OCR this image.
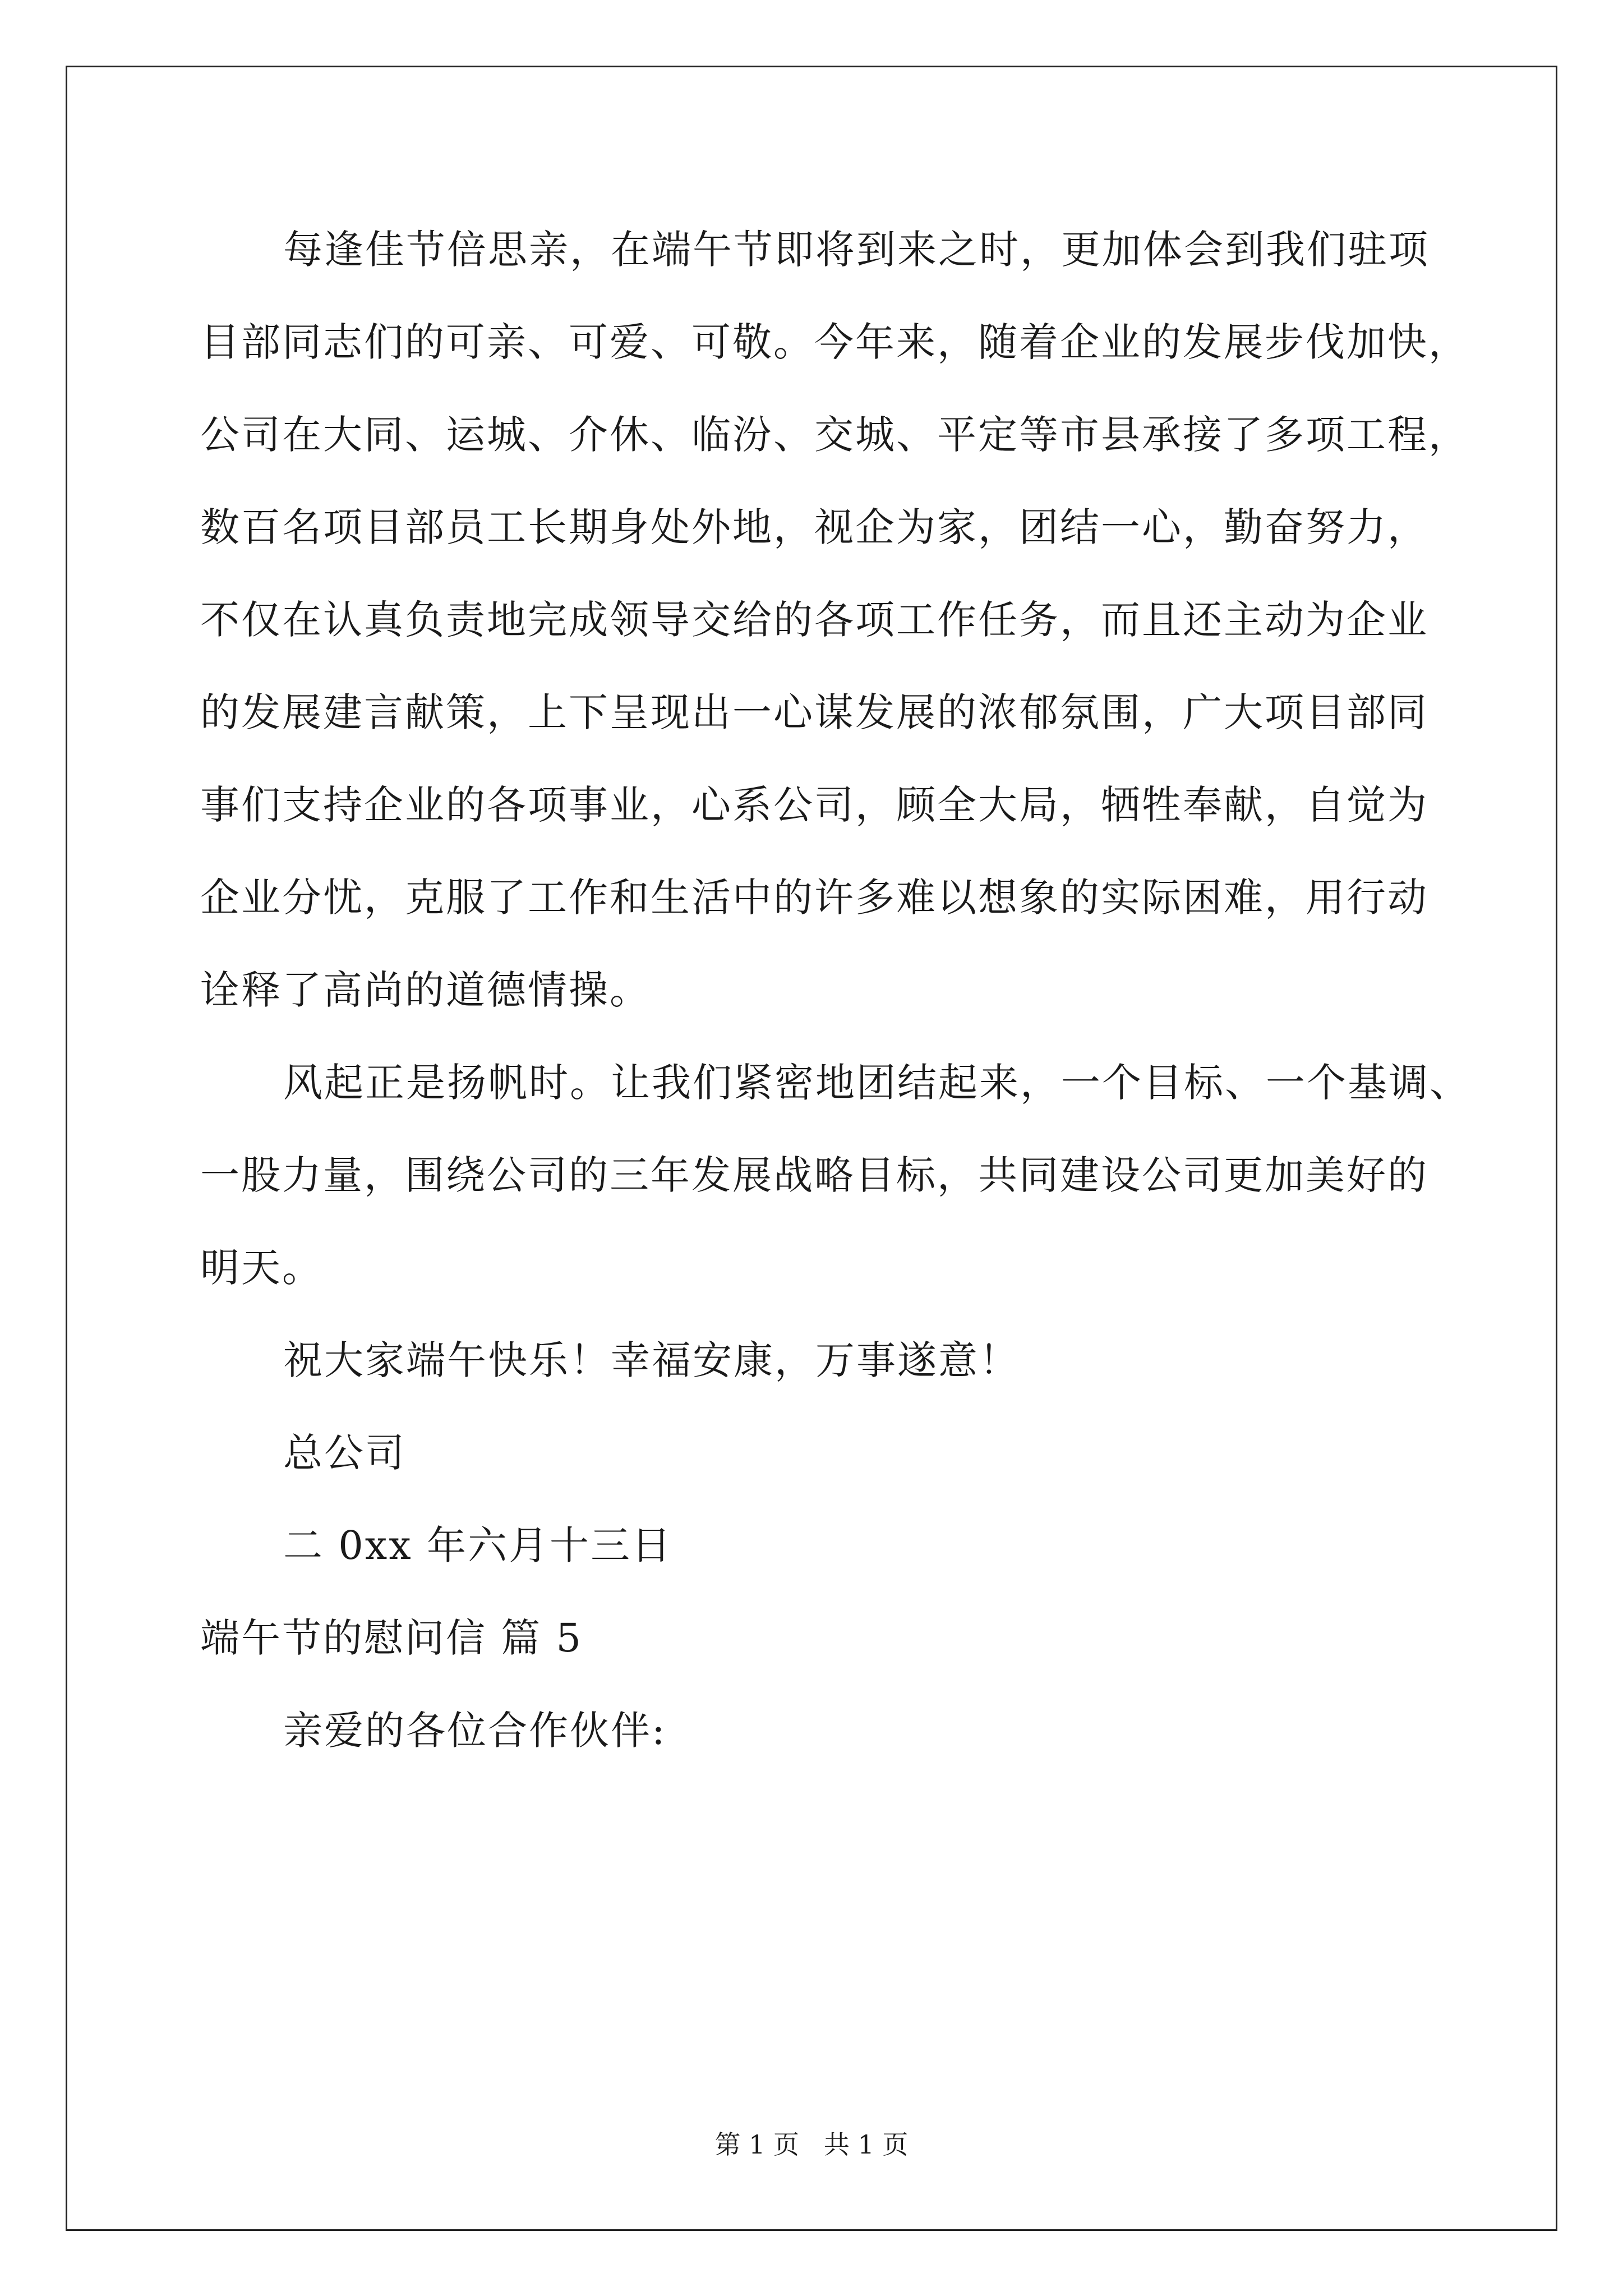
每逢佳节倍思亲，在端午节即将到来之时，更加体会到我们驻项
目部同志们的可亲、可爱、可敬。今年来，随着企业的发展步伐加快，
公司在大同、运城、介休、临汾、交城、平定等市县承接了多项工程，
数百名项目部员工长期身处外地，视企为家，团结一心，勤奋努力，
不仅在认真负责地完成领导交给的各项工作任务，而且还主动为企业
的发展建言献策，上下呈现出一心谋发展的浓郁氛围，广大项目部同
事们支持企业的各项事业，心系公司，顾全大局，牺牲奉献，自觉为
企业分忧，克服了工作和生活中的许多难以想象的实际困难，用行动
诠释了高尚的道德情操。
风起正是扬帆时。让我们紧密地团结起来，一个目标、一个基调、
一股力量，围绕公司的三年发展战略目标，共同建设公司更加美好的
明天。
祝大家端午快乐！幸福安康，万事遂意！
总公司
二 0xx 年六月十三日
端午节的慰问信 篇 5
亲爱的各位合作伙伴:
第 1 页   共 1 页
